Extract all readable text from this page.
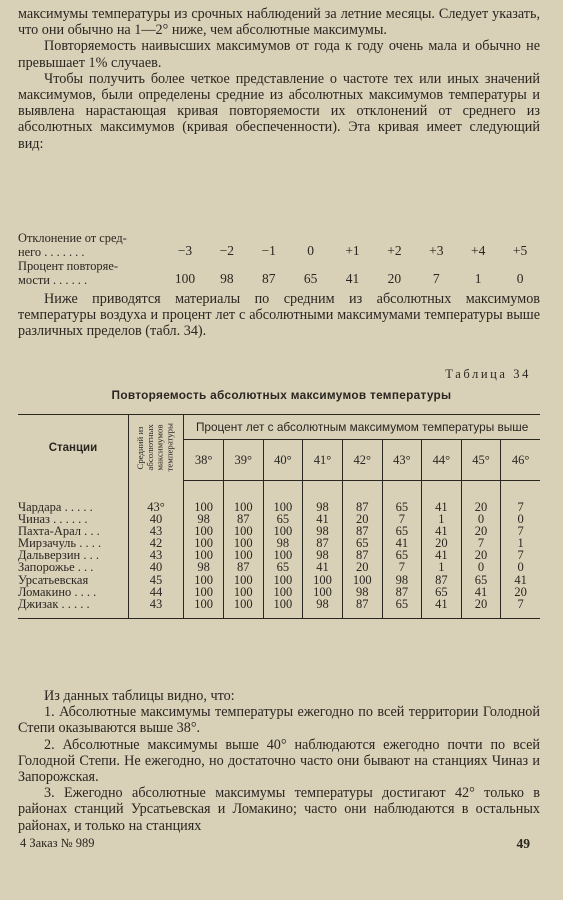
максимумы температуры из срочных наблюдений за летние месяцы. Следует указать, что они обычно на 1—2° ниже, чем абсолютные максимумы.

Повторяемость наивысших максимумов от года к году очень мала и обычно не превышает 1% случаев.

Чтобы получить более четкое представление о частоте тех или иных значений максимумов, были определены средние из абсолютных максимумов температуры и выявлена нарастающая кривая повторяемости их отклонений от среднего из абсолютных максимумов (кривая обеспеченности). Эта кривая имеет следующий вид:

Отклонение от сред-
него . . . . . . .	−3	−2	−1	0	+1	+2	+3	+4	+5
Процент повторяе-
мости . . . . . .	100	98	87	65	41	20	7	1	0

Ниже приводятся материалы по средним из абсолютных максимумов температуры воздуха и процент лет с абсолютными максимумами температуры выше различных пределов (табл. 34).

Таблица 34
Повторяемость абсолютных максимумов температуры
Станции	Средний из абсолютных максимумов температуры	Процент лет с абсолютным максимумом температуры выше								
		38°	39°	40°	41°	42°	43°	44°	45°	46°

Чардара . . . . .	43°	100	100	100	98	87	65	41	20	7
Чиназ . . . . . .	40	98	87	65	41	20	7	1	0	0
Пахта-Арал . . .	43	100	100	100	98	87	65	41	20	7
Мирзачуль . . . .	42	100	100	98	87	65	41	20	7	1
Дальверзин . . .	43	100	100	100	98	87	65	41	20	7
Запорожье . . .	40	98	87	65	41	20	7	1	0	0
Урсатьевская	45	100	100	100	100	100	98	87	65	41
Ломакино . . . .	44	100	100	100	100	98	87	65	41	20
Джизак . . . . .	43	100	100	100	98	87	65	41	20	7

Из данных таблицы видно, что:

1. Абсолютные максимумы температуры ежегодно по всей территории Голодной Степи оказываются выше 38°.

2. Абсолютные максимумы выше 40° наблюдаются ежегодно почти по всей Голодной Степи. Не ежегодно, но достаточно часто они бывают на станциях Чиназ и Запорожская.

3. Ежегодно абсолютные максимумы температуры достигают 42° только в районах станций Урсатьевская и Ломакино; часто они наблюдаются в остальных районах, и только на станциях

4 Заказ № 989	49
